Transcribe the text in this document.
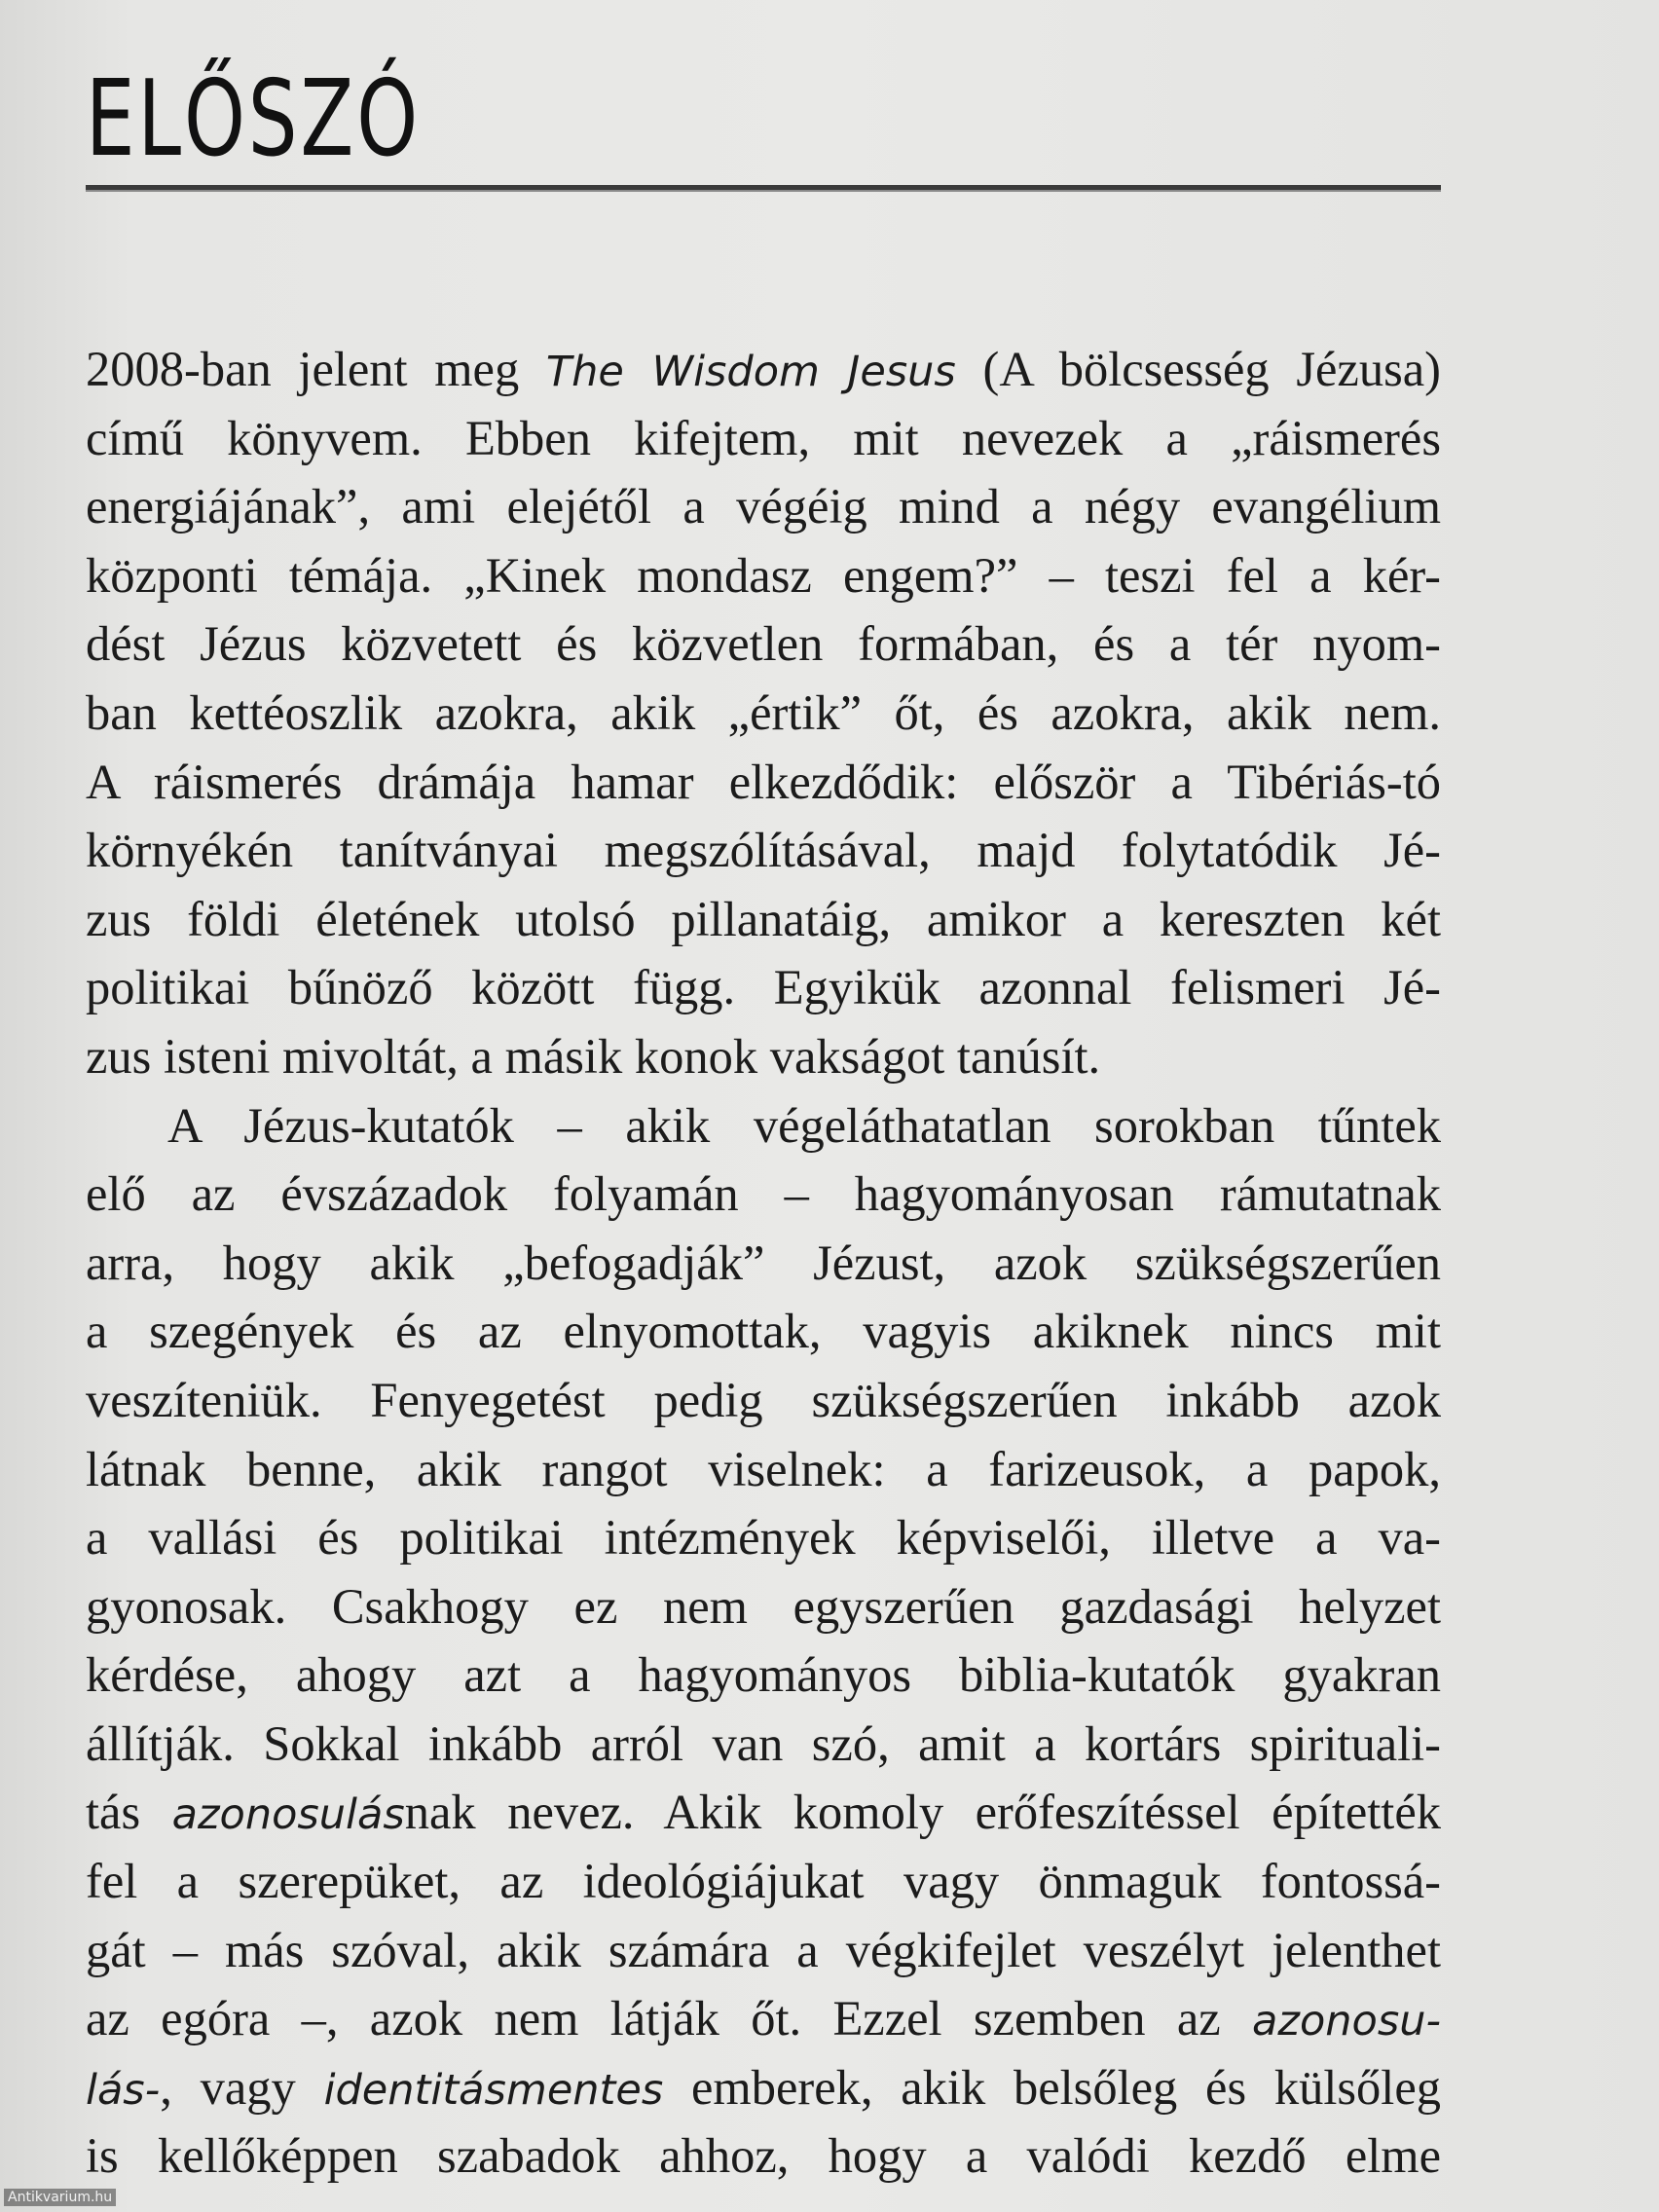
ELŐSZÓ
2008-ban jelent meg The Wisdom Jesus (A bölcsesség Jézusa)
című könyvem. Ebben kifejtem, mit nevezek a „ráismerés
energiájának”, ami elejétől a végéig mind a négy evangélium
központi témája. „Kinek mondasz engem?” – teszi fel a kér-
dést Jézus közvetett és közvetlen formában, és a tér nyom-
ban kettéoszlik azokra, akik „értik” őt, és azokra, akik nem.
A ráismerés drámája hamar elkezdődik: először a Tibériás-tó
környékén tanítványai megszólításával, majd folytatódik Jé-
zus földi életének utolsó pillanatáig, amikor a kereszten két
politikai bűnöző között függ. Egyikük azonnal felismeri Jé-
zus isteni mivoltát, a másik konok vakságot tanúsít.
A Jézus-kutatók – akik végeláthatatlan sorokban tűntek
elő az évszázadok folyamán – hagyományosan rámutatnak
arra, hogy akik „befogadják” Jézust, azok szükségszerűen
a szegények és az elnyomottak, vagyis akiknek nincs mit
veszíteniük. Fenyegetést pedig szükségszerűen inkább azok
látnak benne, akik rangot viselnek: a farizeusok, a papok,
a vallási és politikai intézmények képviselői, illetve a va-
gyonosak. Csakhogy ez nem egyszerűen gazdasági helyzet
kérdése, ahogy azt a hagyományos biblia-kutatók gyakran
állítják. Sokkal inkább arról van szó, amit a kortárs spirituali-
tás azonosulásnak nevez. Akik komoly erőfeszítéssel építették
fel a szerepüket, az ideológiájukat vagy önmaguk fontossá-
gát – más szóval, akik számára a végkifejlet veszélyt jelenthet
az egóra –, azok nem látják őt. Ezzel szemben az azonosu-
lás-, vagy identitásmentes emberek, akik belsőleg és külsőleg
is kellőképpen szabadok ahhoz, hogy a valódi kezdő elme
Antikvarium.hu
